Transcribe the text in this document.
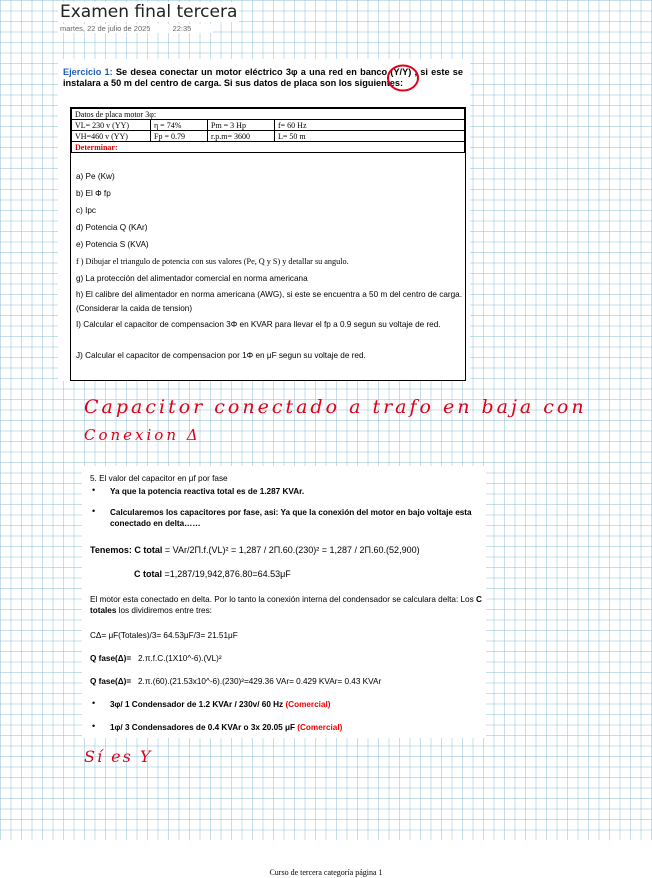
Examen final tercera
martes, 22 de julio de 2025	22:35
Ejercicio 1: Se desea conectar un motor eléctrico 3φ a una red en banco (Y/Y) , si este se instalara a 50 m del centro de carga. Si sus datos de placa son los siguientes:
Datos de placa motor 3φ:			
VL= 230 v (YY)	η = 74%	Pm = 3 Hp	f= 60 Hz
VH=460 v (YY)	Fp = 0.79	r.p.m= 3600	L= 50 m
Determinar:			
a) Pe (Kw)
b) El Φ fp
c) Ipc
d) Potencia Q (KAr)
e) Potencia S (KVA)
f ) Dibujar el triangulo de potencia con sus valores (Pe, Q y S) y detallar su angulo.
g) La protección del alimentador comercial en norma americana
h) El calibre del alimentador en norma americana (AWG), si este se encuentra a 50 m del centro de carga. (Considerar la caida de tension)
I) Calcular el capacitor de compensacion 3Φ en KVAR para llevar el fp a 0.9 segun su voltaje de red.
J) Calcular el capacitor de compensacion por 1Φ en μF segun su voltaje de red.
Capacitor conectado a trafo en baja con
Conexion Δ
5. El valor del capacitor en μf por fase
• Ya que la potencia reactiva total es de 1.287 KVAr.
• Calcularemos los capacitores por fase, asi: Ya que la conexión del motor en bajo voltaje esta conectado en delta……
Tenemos: C total = VAr/2Π.f.(VL)² = 1,287 / 2Π.60.(230)² = 1,287 / 2Π.60.(52,900)
C total =1,287/19,942,876.80=64.53μF
El motor esta conectado en delta. Por lo tanto la conexión interna del condensador se calculara delta: Los C totales los dividiremos entre tres:
CΔ= μF(Totales)/3= 64.53μF/3= 21.51μF
Q fase(Δ)= 2.π.f.C.(1X10^-6).(VL)²
Q fase(Δ)= 2.π.(60).(21.53x10^-6).(230)²=429.36 VAr= 0.429 KVAr= 0.43 KVAr
• 3φ/ 1 Condensador de 1.2 KVAr / 230v/ 60 Hz (Comercial)
• 1φ/ 3 Condensadores de 0.4 KVAr o 3x 20.05 μF (Comercial)
Sí es Y
Curso de tercera categoría página 1
